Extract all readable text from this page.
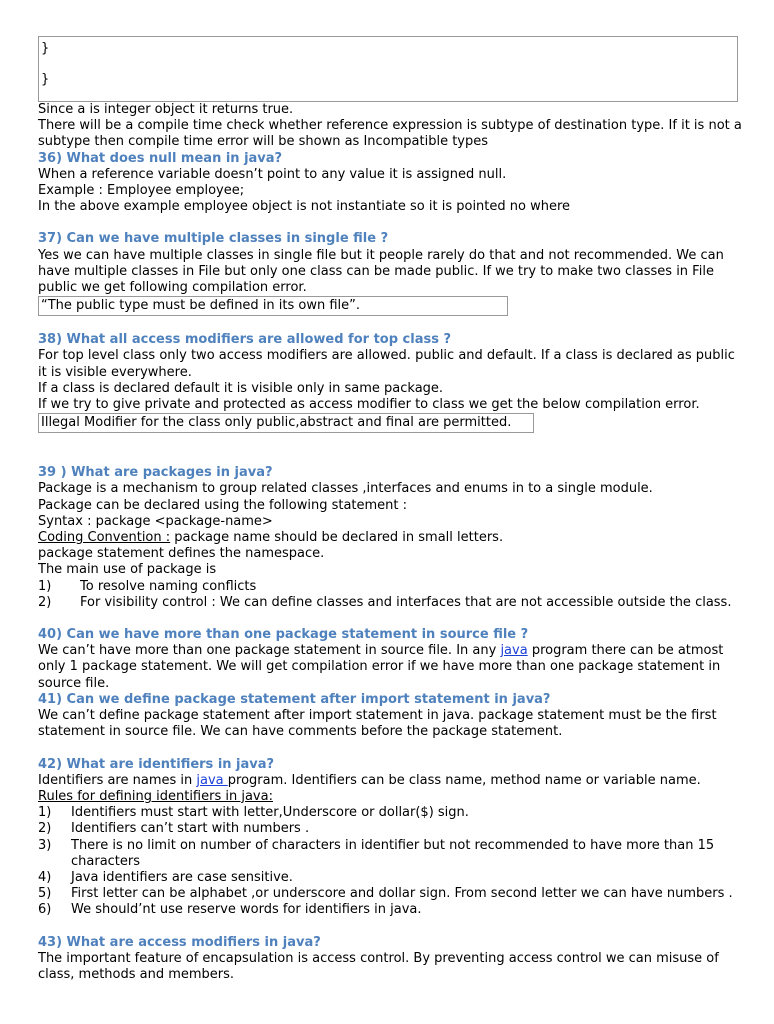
}
}

Since a is integer object it returns true.

There will be a compile time check whether reference expression is subtype of destination type. If it is not a subtype then compile time error will be shown as Incompatible types

36) What does null mean in java?

When a reference variable doesn’t point to any value it is assigned null.

Example : Employee employee;

In the above example employee object is not instantiate so it is pointed no where

37) Can we have multiple classes in single file ?

Yes we can have multiple classes in single file but it people rarely do that and not recommended. We can have multiple classes in File but only one class can be made public. If we try to make two classes in File public we get following compilation error.

“The public type must be defined in its own file”.

38) What all access modifiers are allowed for top class ?

For top level class only two access modifiers are allowed. public and default. If a class is declared as public it is visible everywhere.

If a class is declared default it is visible only in same package.

If we try to give private and protected as access modifier to class we get the below compilation error.

Illegal Modifier for the class only public,abstract and final are permitted.

39 ) What are packages in java?

Package is a mechanism to group related classes ,interfaces and enums in to a single module.

Package can be declared using the following statement :

Syntax : package <package-name>

Coding Convention : package name should be declared in small letters.

package statement defines the namespace.

The main use of package is

1)	To resolve naming conflicts
2)	For visibility control : We can define classes and interfaces that are not accessible outside the class.

40) Can we have more than one package statement in source file ?

We can’t have more than one package statement in source file. In any java program there can be atmost only 1 package statement. We will get compilation error if we have more than one package statement in source file.

41) Can we define package statement after import statement in java?

We can’t define package statement after import statement in java. package statement must be the first statement in source file. We can have comments before the package statement.

42) What are identifiers in java?

Identifiers are names in java program. Identifiers can be class name, method name or variable name.

Rules for defining identifiers in java:

1)	Identifiers must start with letter,Underscore or dollar($) sign.
2)	Identifiers can’t start with numbers .
3)	There is no limit on number of characters in identifier but not recommended to have more than 15 characters
4)	Java identifiers are case sensitive.
5)	First letter can be alphabet ,or underscore and dollar sign. From second letter we can have numbers .
6)	We should’nt use reserve words for identifiers in java.

43) What are access modifiers in java?

The important feature of encapsulation is access control. By preventing access control we can misuse of class, methods and members.
